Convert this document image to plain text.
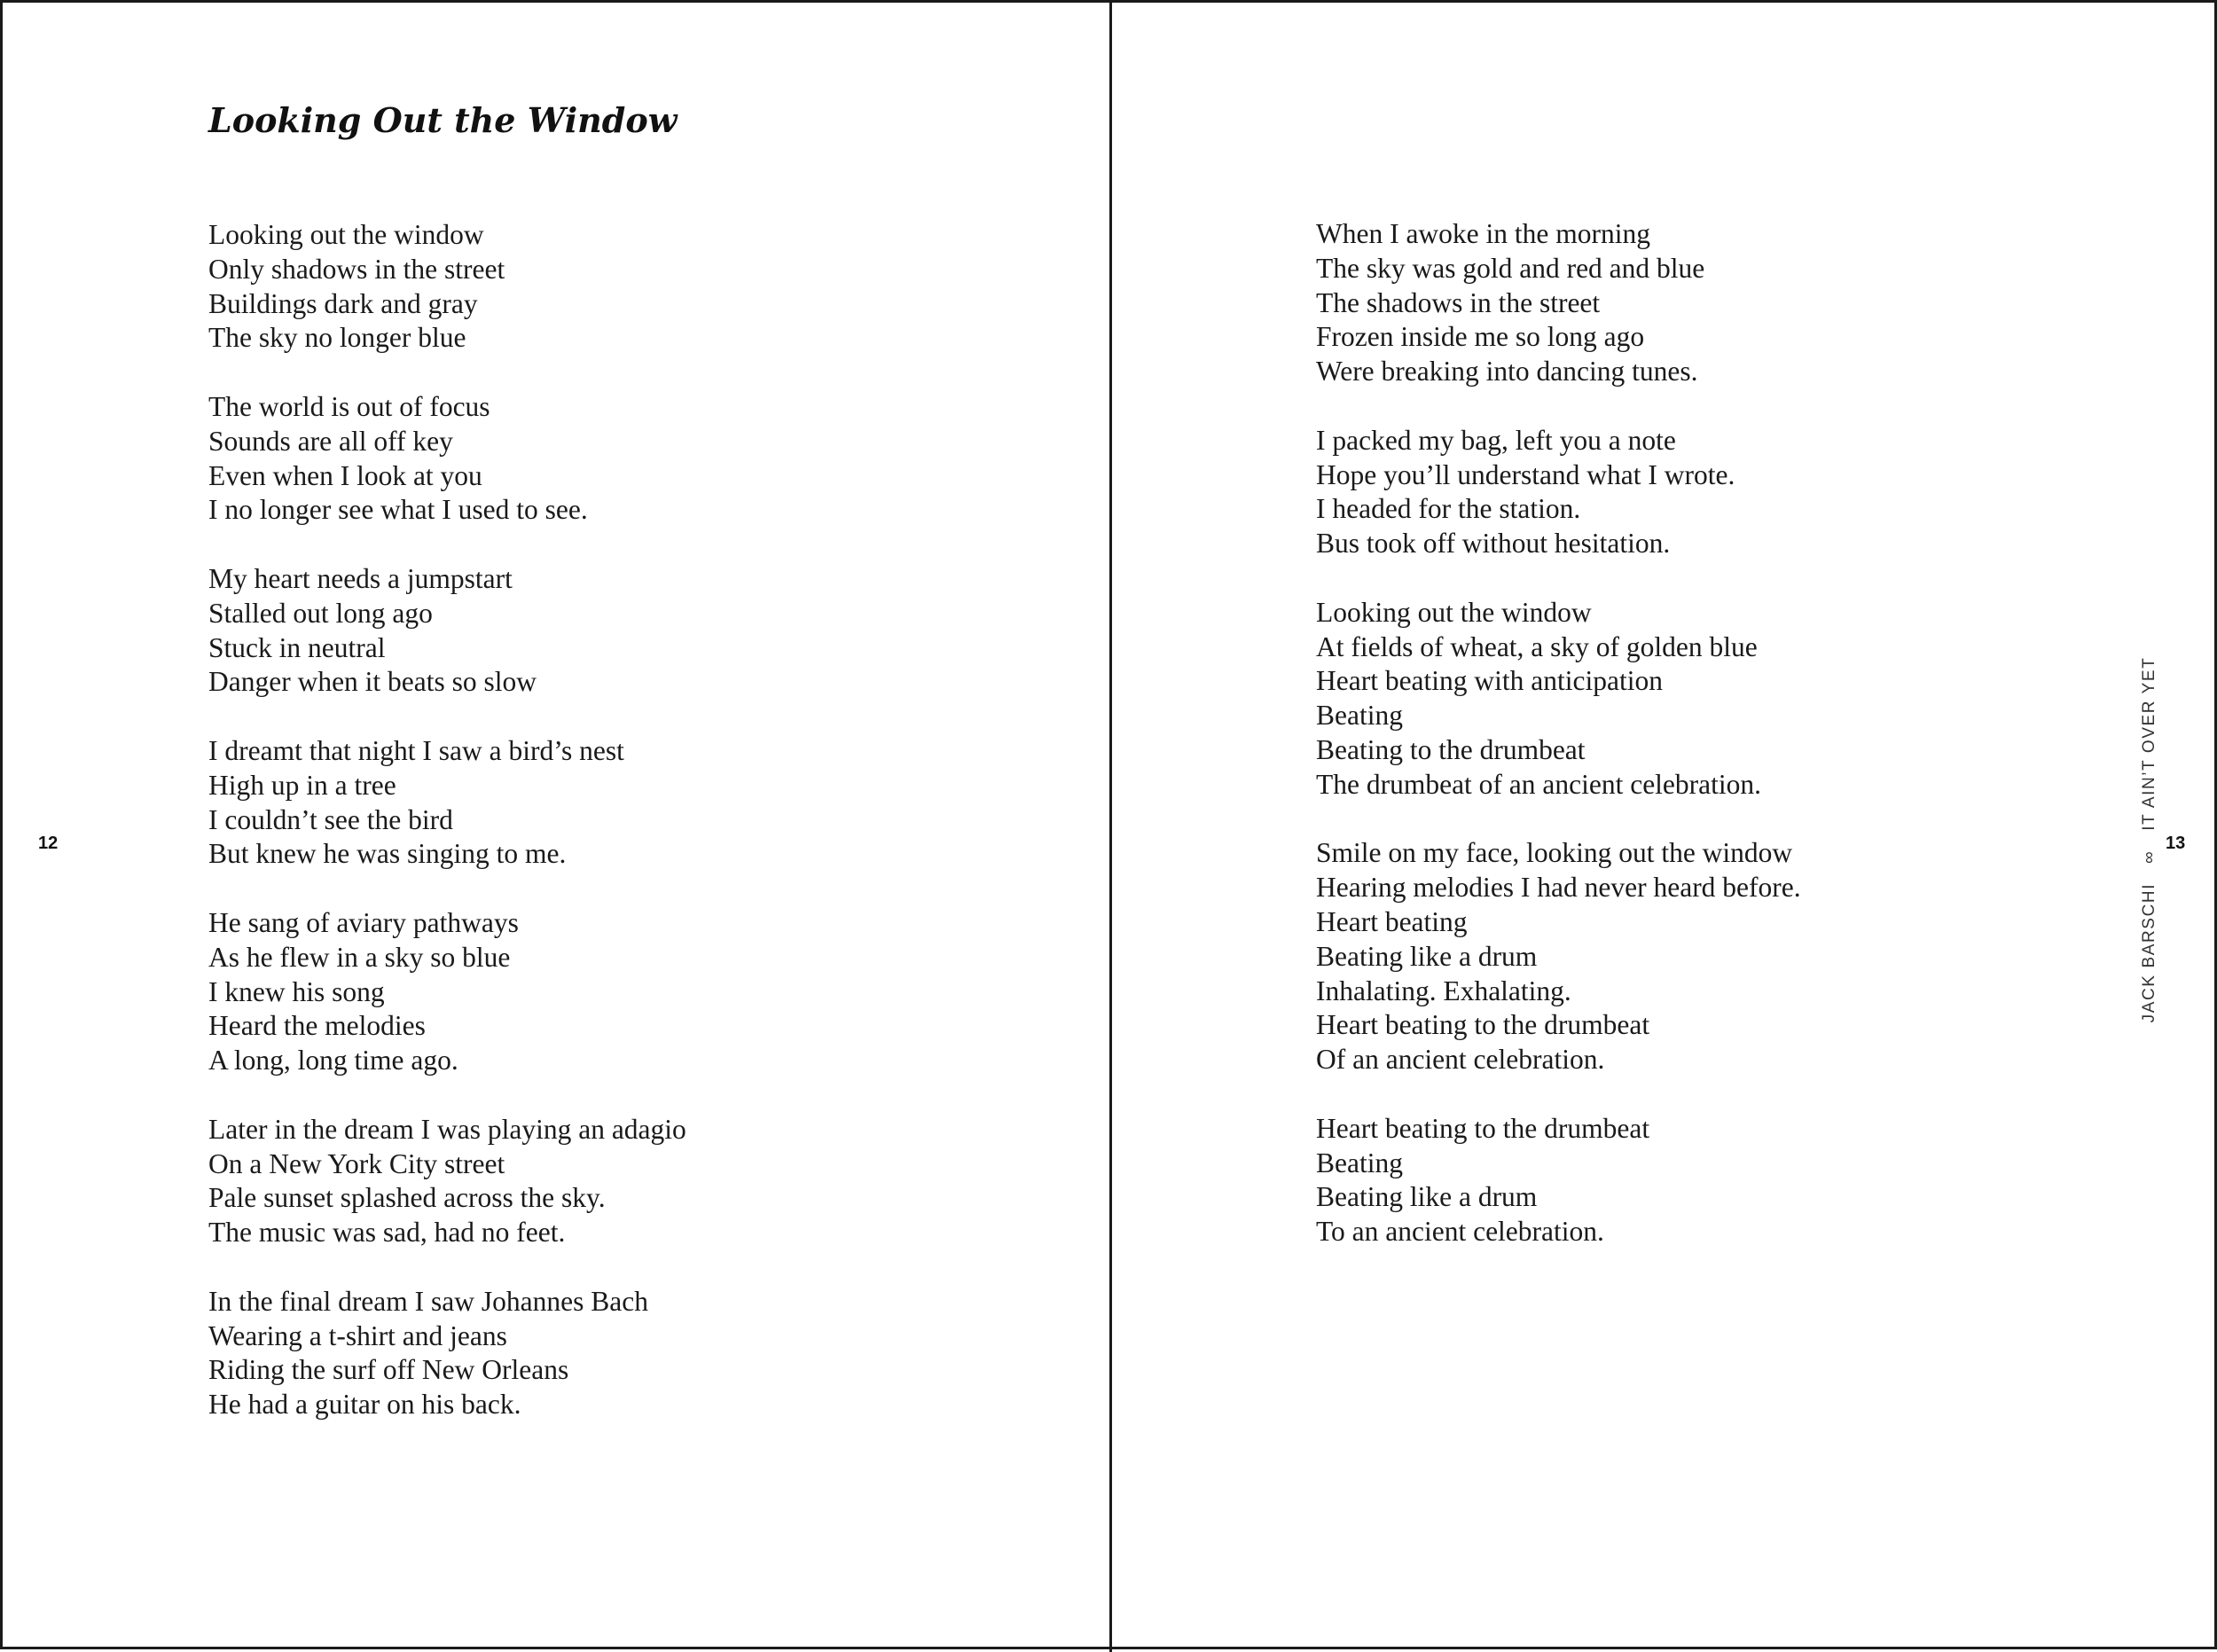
Looking Out the Window

Looking out the window
Only shadows in the street
Buildings dark and gray
The sky no longer blue

The world is out of focus
Sounds are all off key
Even when I look at you
I no longer see what I used to see.

My heart needs a jumpstart
Stalled out long ago
Stuck in neutral
Danger when it beats so slow

I dreamt that night I saw a bird’s nest
High up in a tree
I couldn’t see the bird
But knew he was singing to me.

He sang of aviary pathways
As he flew in a sky so blue
I knew his song
Heard the melodies
A long, long time ago.

Later in the dream I was playing an adagio
On a New York City street
Pale sunset splashed across the sky.
The music was sad, had no feet.

In the final dream I saw Johannes Bach
Wearing a t-shirt and jeans
Riding the surf off New Orleans
He had a guitar on his back.

12

When I awoke in the morning
The sky was gold and red and blue
The shadows in the street
Frozen inside me so long ago
Were breaking into dancing tunes.

I packed my bag, left you a note
Hope you’ll understand what I wrote.
I headed for the station.
Bus took off without hesitation.

Looking out the window
At fields of wheat, a sky of golden blue
Heart beating with anticipation
Beating
Beating to the drumbeat
The drumbeat of an ancient celebration.

Smile on my face, looking out the window
Hearing melodies I had never heard before.
Heart beating
Beating like a drum
Inhalating. Exhalating.
Heart beating to the drumbeat
Of an ancient celebration.

Heart beating to the drumbeat
Beating
Beating like a drum
To an ancient celebration.

JACK BARSCHI
∞
IT AIN’T OVER YET
13
